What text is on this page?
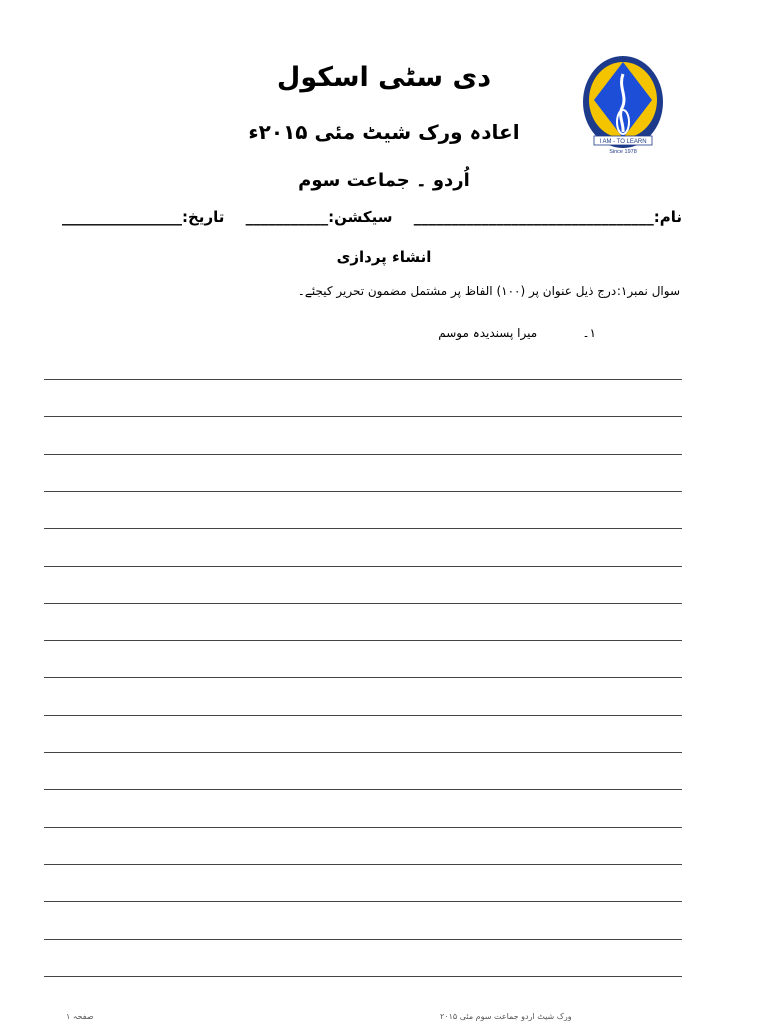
دی سٹی اسکول
اعادہ ورک شیٹ مئی ۲۰۱۵ء
اُردو ۔ جماعت سوم
I AM - TO LEARN
Since 1978
نام:________________________________
سیکشن:___________
تاریخ:________________
انشاء پردازی
سوال نمبر۱: درج ذیل عنوان پر (۱۰۰) الفاظ پر مشتمل مضمون تحریر کیجئے۔
۱۔ میرا پسندیدہ موسم
صفحہ ۱	ورک شیٹ اردو جماعت سوم مئی ۲۰۱۵
